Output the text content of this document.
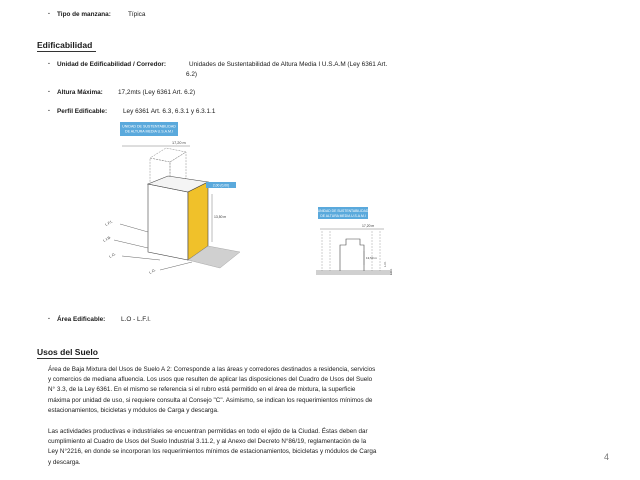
. Tipo de manzana:	Típica
Edificabilidad
. Unidad de Edificabilidad / Corredor:	Unidades de Sustentabilidad de Altura Media I U.S.A.M (Ley 6361 Art.
6.2)
. Altura Máxima: 17,2mts (Ley 6361 Art. 6.2)
. Perfil Edificable: Ley 6361 Art. 6.3, 6.3.1 y 6.3.1.1
UNIDAD DE SUSTENTABILIDAD
DE ALTURA MEDIA U.S.A.M.I
17,20 m
2,00 (0,00)
13,50 m
L.F.I.
L.I.B.
L.O.
L.O.
UNIDAD DE SUSTENTABILIDAD
DE ALTURA MEDIA U.S.A.M.I
17,20 m
13,50 m
L.O.
L.F.I.
. Área Edificable: L.O - L.F.I.
Usos del Suelo
Área de Baja Mixtura del Usos de Suelo A 2: Corresponde a las áreas y corredores destinados a residencia, servicios
y comercios de mediana afluencia. Los usos que resulten de aplicar las disposiciones del Cuadro de Usos del Suelo
N° 3.3, de la Ley 6361. En el mismo se referencia si el rubro está permitido en el área de mixtura, la superficie
máxima por unidad de uso, si requiere consulta al Consejo "C". Asimismo, se indican los requerimientos mínimos de
estacionamientos, bicicletas y módulos de Carga y descarga.
Las actividades productivas e industriales se encuentran permitidas en todo el ejido de la Ciudad. Éstas deben dar
cumplimiento al Cuadro de Usos del Suelo Industrial 3.11.2, y al Anexo del Decreto N°86/19, reglamentación de la
Ley N°2216, en donde se incorporan los requerimientos mínimos de estacionamientos, bicicletas y módulos de Carga
y descarga.
4
